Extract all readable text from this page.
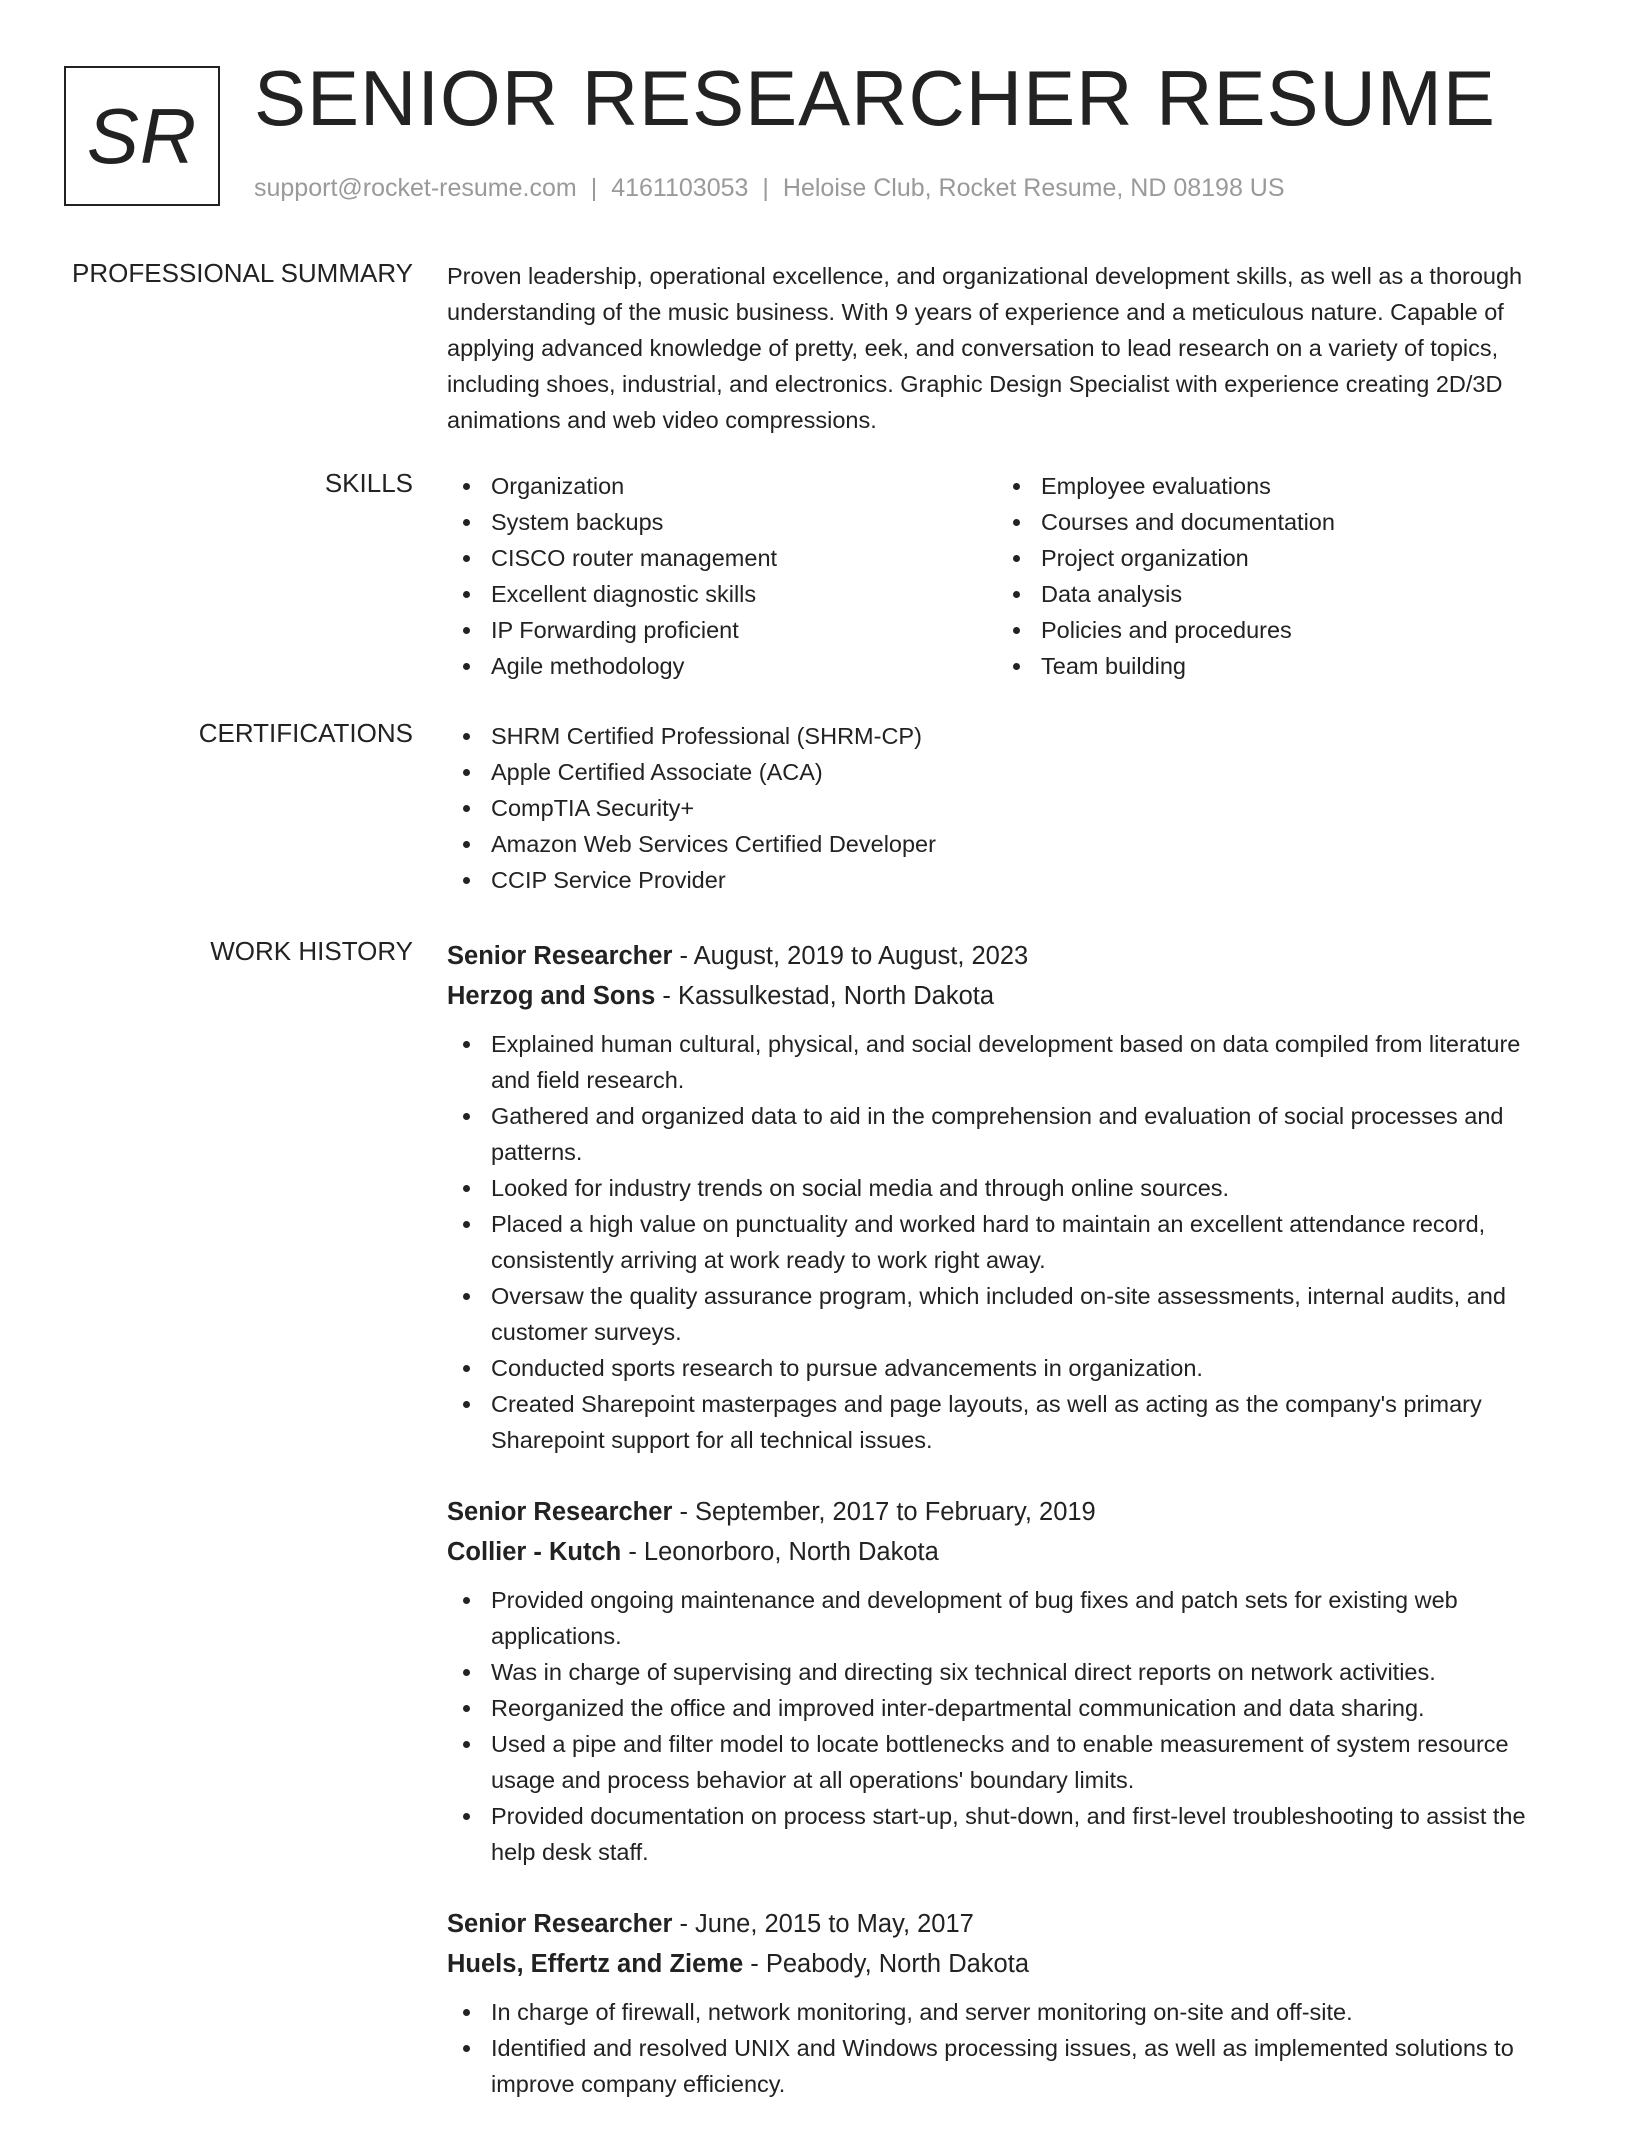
SR SENIOR RESEARCHER RESUME
support@rocket-resume.com | 4161103053 | Heloise Club, Rocket Resume, ND 08198 US
PROFESSIONAL SUMMARY Proven leadership, operational excellence, and organizational development skills, as well as a thorough understanding of the music business. With 9 years of experience and a meticulous nature. Capable of applying advanced knowledge of pretty, eek, and conversation to lead research on a variety of topics, including shoes, industrial, and electronics. Graphic Design Specialist with experience creating 2D/3D animations and web video compressions.

SKILLS	Organization
System backups
CISCO router management
Excellent diagnostic skills
IP Forwarding proficient
Agile methodology
Employee evaluations
Courses and documentation
Project organization
Data analysis
Policies and procedures
Team building
CERTIFICATIONS	SHRM Certified Professional (SHRM-CP)
Apple Certified Associate (ACA)
CompTIA Security+
Amazon Web Services Certified Developer
CCIP Service Provider
WORK HISTORY Senior Researcher - August, 2019 to August, 2023
Herzog and Sons - Kassulkestad, North Dakota
Explained human cultural, physical, and social development based on data compiled from literature and field research.
Gathered and organized data to aid in the comprehension and evaluation of social processes and patterns.
Looked for industry trends on social media and through online sources.
Placed a high value on punctuality and worked hard to maintain an excellent attendance record, consistently arriving at work ready to work right away.
Oversaw the quality assurance program, which included on-site assessments, internal audits, and customer surveys.
Conducted sports research to pursue advancements in organization.
Created Sharepoint masterpages and page layouts, as well as acting as the company's primary Sharepoint support for all technical issues.
Senior Researcher - September, 2017 to February, 2019
Collier - Kutch - Leonorboro, North Dakota
Provided ongoing maintenance and development of bug fixes and patch sets for existing web applications.
Was in charge of supervising and directing six technical direct reports on network activities.
Reorganized the office and improved inter-departmental communication and data sharing.
Used a pipe and filter model to locate bottlenecks and to enable measurement of system resource usage and process behavior at all operations' boundary limits.
Provided documentation on process start-up, shut-down, and first-level troubleshooting to assist the help desk staff.
Senior Researcher - June, 2015 to May, 2017
Huels, Effertz and Zieme - Peabody, North Dakota
In charge of firewall, network monitoring, and server monitoring on-site and off-site.
Identified and resolved UNIX and Windows processing issues, as well as implemented solutions to improve company efficiency.
